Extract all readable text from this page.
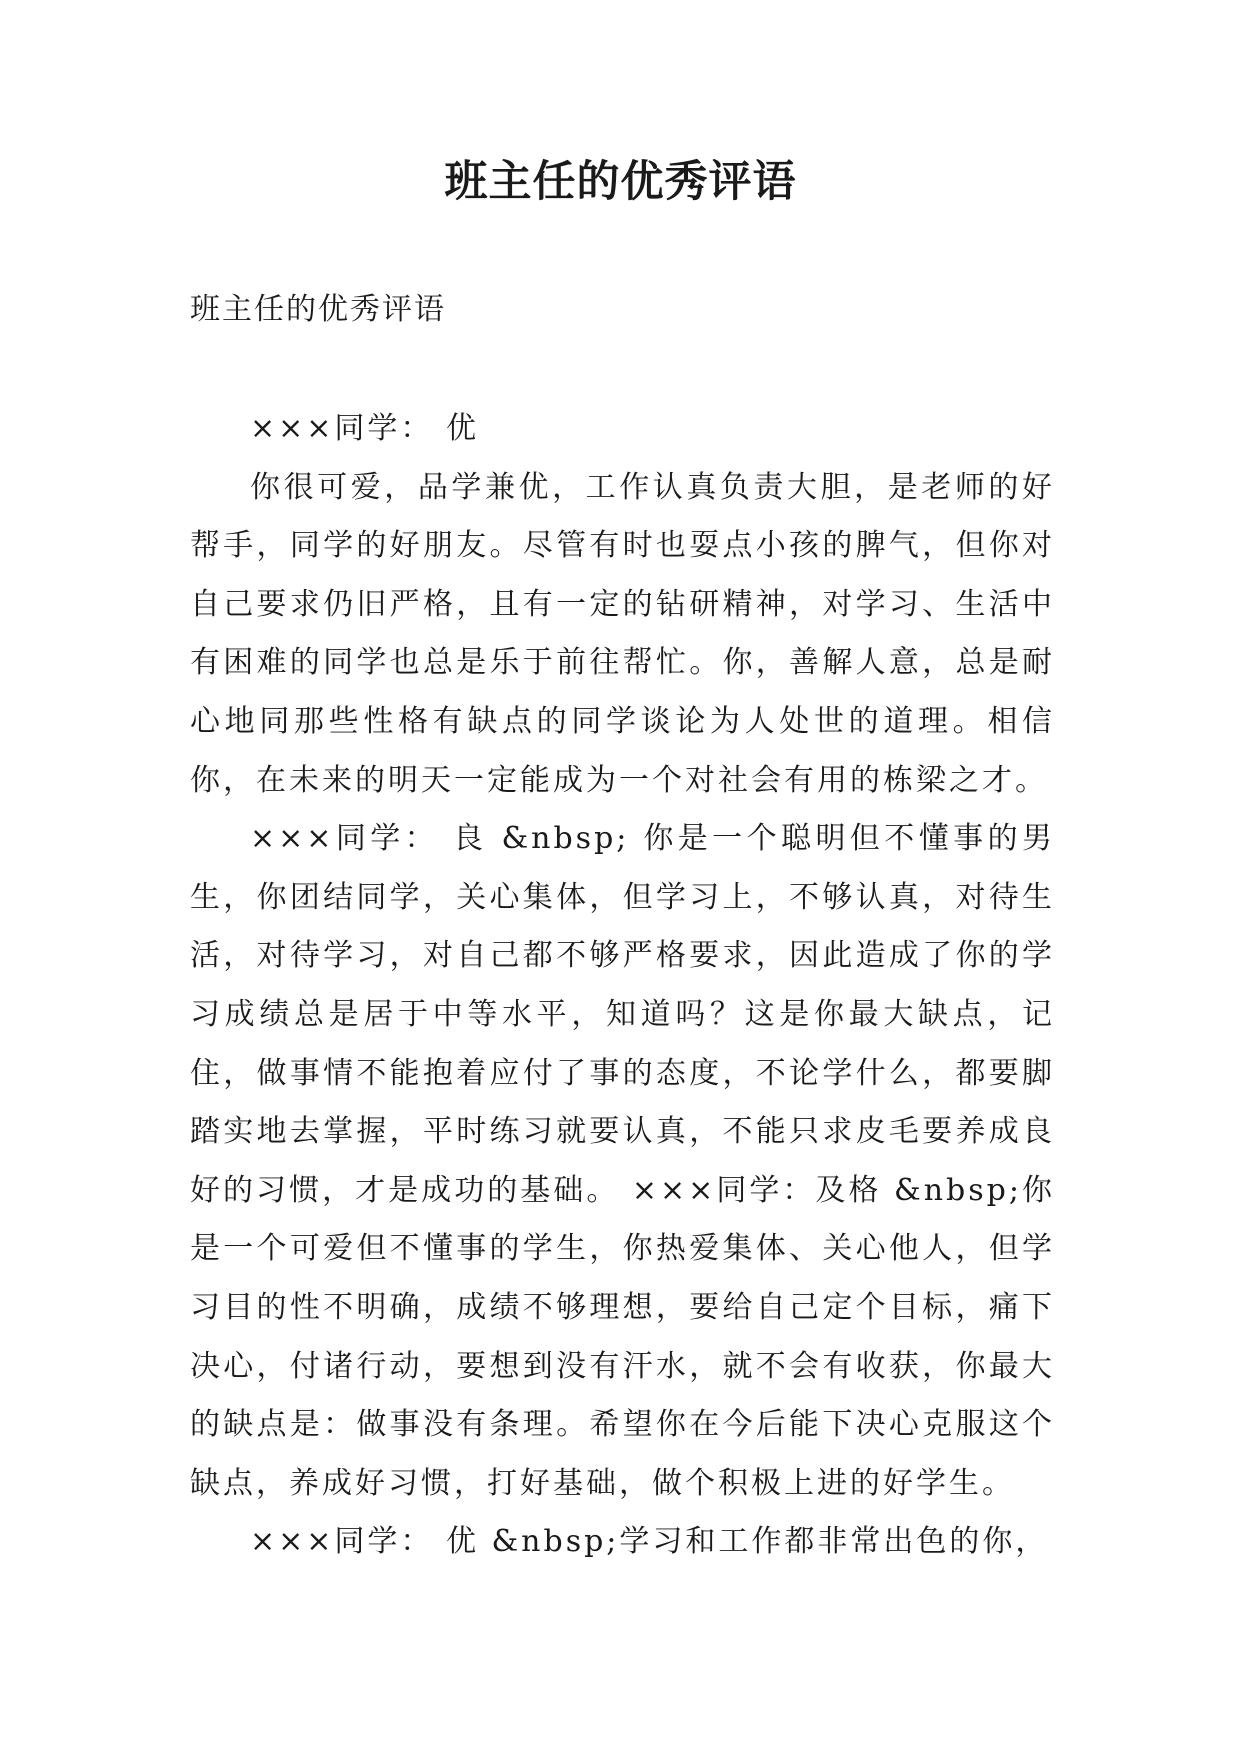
班主任的优秀评语
班主任的优秀评语

×××同学： 优

你很可爱，品学兼优，工作认真负责大胆，是老师的好帮手，同学的好朋友。尽管有时也耍点小孩的脾气，但你对自己要求仍旧严格，且有一定的钻研精神，对学习、生活中有困难的同学也总是乐于前往帮忙。你，善解人意，总是耐心地同那些性格有缺点的同学谈论为人处世的道理。相信你，在未来的明天一定能成为一个对社会有用的栋梁之才。

×××同学： 良 &nbsp; 你是一个聪明但不懂事的男生，你团结同学，关心集体，但学习上，不够认真，对待生活，对待学习，对自己都不够严格要求，因此造成了你的学习成绩总是居于中等水平，知道吗？这是你最大缺点，记住，做事情不能抱着应付了事的态度，不论学什么，都要脚踏实地去掌握，平时练习就要认真，不能只求皮毛要养成良好的习惯，才是成功的基础。 ×××同学：及格 &nbsp;你是一个可爱但不懂事的学生，你热爱集体、关心他人，但学习目的性不明确，成绩不够理想，要给自己定个目标，痛下决心，付诸行动，要想到没有汗水，就不会有收获，你最大的缺点是：做事没有条理。希望你在今后能下决心克服这个缺点，养成好习惯，打好基础，做个积极上进的好学生。

×××同学： 优 &nbsp;学习和工作都非常出色的你，
